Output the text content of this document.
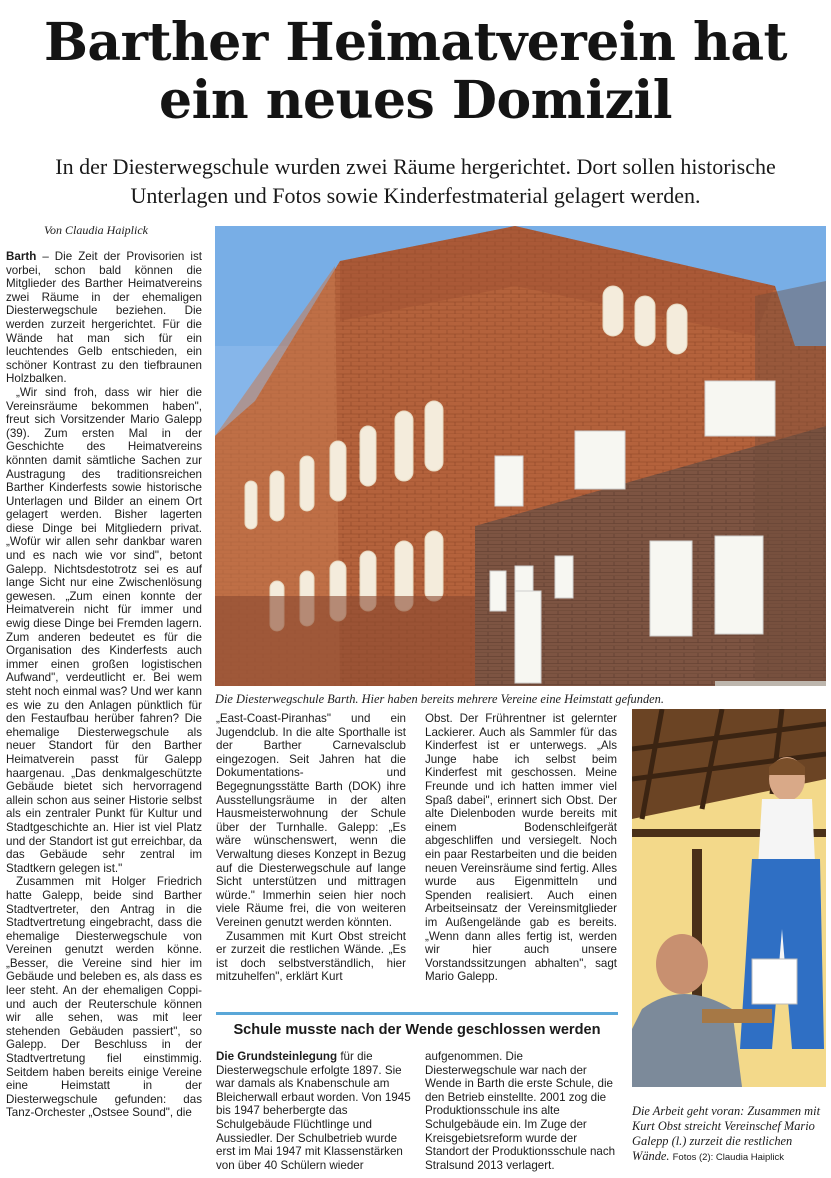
Barther Heimatverein hat
ein neues Domizil
In der Diesterwegschule wurden zwei Räume hergerichtet. Dort sollen historische
Unterlagen und Fotos sowie Kinderfestmaterial gelagert werden.
Von Claudia Haiplick

Barth – Die Zeit der Provisorien ist vorbei, schon bald können die Mitglieder des Barther Heimatvereins zwei Räume in der ehemaligen Diesterwegschule beziehen. Die werden zurzeit hergerichtet. Für die Wände hat man sich für ein leuchtendes Gelb entschieden, ein schöner Kontrast zu den tiefbraunen Holzbalken.

„Wir sind froh, dass wir hier die Vereinsräume bekommen haben", freut sich Vorsitzender Mario Galepp (39). Zum ersten Mal in der Geschichte des Heimatvereins könnten damit sämtliche Sachen zur Austragung des traditionsreichen Barther Kinderfests sowie historische Unterlagen und Bilder an einem Ort gelagert werden. Bisher lagerten diese Dinge bei Mitgliedern privat. „Wofür wir allen sehr dankbar waren und es nach wie vor sind", betont Galepp. Nichtsdestotrotz sei es auf lange Sicht nur eine Zwischenlösung gewesen. „Zum einen konnte der Heimatverein nicht für immer und ewig diese Dinge bei Fremden lagern. Zum anderen bedeutet es für die Organisation des Kinderfests auch immer einen großen logistischen Aufwand", verdeutlicht er. Bei wem steht noch einmal was? Und wer kann es wie zu den Anlagen pünktlich für den Festaufbau herüber fahren? Die ehemalige Diesterwegschule als neuer Standort für den Barther Heimatverein passt für Galepp haargenau. „Das denkmalgeschützte Gebäude bietet sich hervorragend allein schon aus seiner Historie selbst als ein zentraler Punkt für Kultur und Stadtgeschichte an. Hier ist viel Platz und der Standort ist gut erreichbar, da das Gebäude sehr zentral im Stadtkern gelegen ist."

Zusammen mit Holger Friedrich hatte Galepp, beide sind Barther Stadtvertreter, den Antrag in die Stadtvertretung eingebracht, dass die ehemalige Diesterwegschule von Vereinen genutzt werden könne. „Besser, die Vereine sind hier im Gebäude und beleben es, als dass es leer steht. An der ehemaligen Coppi- und auch der Reuterschule können wir alle sehen, was mit leer stehenden Gebäuden passiert", so Galepp. Der Beschluss in der Stadtvertretung fiel einstimmig. Seitdem haben bereits einige Vereine eine Heimstatt in der Diesterwegschule gefunden: das Tanz-Orchester „Ostsee Sound", die

Die Diesterwegschule Barth. Hier haben bereits mehrere Vereine eine Heimstatt gefunden.

„East-Coast-Piranhas" und ein Jugendclub. In die alte Sporthalle ist der Barther Carnevalsclub eingezogen. Seit Jahren hat die Dokumentations- und Begegnungsstätte Barth (DOK) ihre Ausstellungsräume in der alten Hausmeisterwohnung der Schule über der Turnhalle. Galepp: „Es wäre wünschenswert, wenn die Verwaltung dieses Konzept in Bezug auf die Diesterwegschule auf lange Sicht unterstützen und mittragen würde." Immerhin seien hier noch viele Räume frei, die von weiteren Vereinen genutzt werden könnten.

Zusammen mit Kurt Obst streicht er zurzeit die restlichen Wände. „Es ist doch selbstverständlich, hier mitzuhelfen", erklärt Kurt

Obst. Der Frührentner ist gelernter Lackierer. Auch als Sammler für das Kinderfest ist er unterwegs. „Als Junge habe ich selbst beim Kinderfest mit geschossen. Meine Freunde und ich hatten immer viel Spaß dabei", erinnert sich Obst. Der alte Dielenboden wurde bereits mit einem Bodenschleifgerät abgeschliffen und versiegelt. Noch ein paar Restarbeiten und die beiden neuen Vereinsräume sind fertig. Alles wurde aus Eigenmitteln und Spenden realisiert. Auch einen Arbeitseinsatz der Vereinsmitglieder im Außengelände gab es bereits. „Wenn dann alles fertig ist, werden wir hier auch unsere Vorstandssitzungen abhalten", sagt Mario Galepp.

Die Arbeit geht voran: Zusammen mit Kurt Obst streicht Vereinschef Mario Galepp (l.) zurzeit die restlichen Wände. Fotos (2): Claudia Haiplick
Schule musste nach der Wende geschlossen werden
Die Grundsteinlegung für die Diesterwegschule erfolgte 1897. Sie war damals als Knabenschule am Bleicherwall erbaut worden. Von 1945 bis 1947 beherbergte das Schulgebäude Flüchtlinge und Aussiedler. Der Schulbetrieb wurde erst im Mai 1947 mit Klassenstärken von über 40 Schülern wieder
aufgenommen. Die Diesterwegschule war nach der Wende in Barth die erste Schule, die den Betrieb einstellte. 2001 zog die Produktionsschule ins alte Schulgebäude ein. Im Zuge der Kreisgebietsreform wurde der Standort der Produktionsschule nach Stralsund 2013 verlagert.
